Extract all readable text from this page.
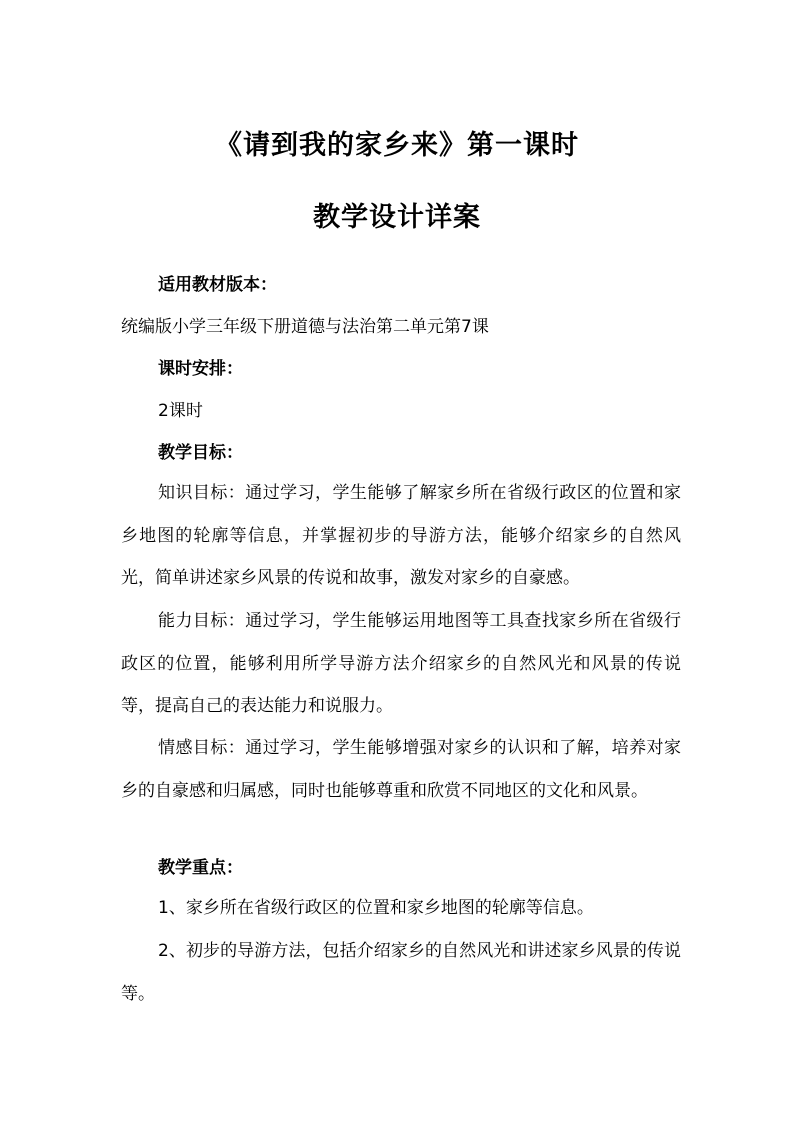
《请到我的家乡来》第一课时
教学设计详案
适用教材版本：
统编版小学三年级下册道德与法治第二单元第7课
课时安排：
2课时
教学目标：
知识目标：通过学习，学生能够了解家乡所在省级行政区的位置和家乡地图的轮廓等信息，并掌握初步的导游方法，能够介绍家乡的自然风光，简单讲述家乡风景的传说和故事，激发对家乡的自豪感。
能力目标：通过学习，学生能够运用地图等工具查找家乡所在省级行政区的位置，能够利用所学导游方法介绍家乡的自然风光和风景的传说等，提高自己的表达能力和说服力。
情感目标：通过学习，学生能够增强对家乡的认识和了解，培养对家乡的自豪感和归属感，同时也能够尊重和欣赏不同地区的文化和风景。
教学重点：
1、家乡所在省级行政区的位置和家乡地图的轮廓等信息。
2、初步的导游方法，包括介绍家乡的自然风光和讲述家乡风景的传说等。
